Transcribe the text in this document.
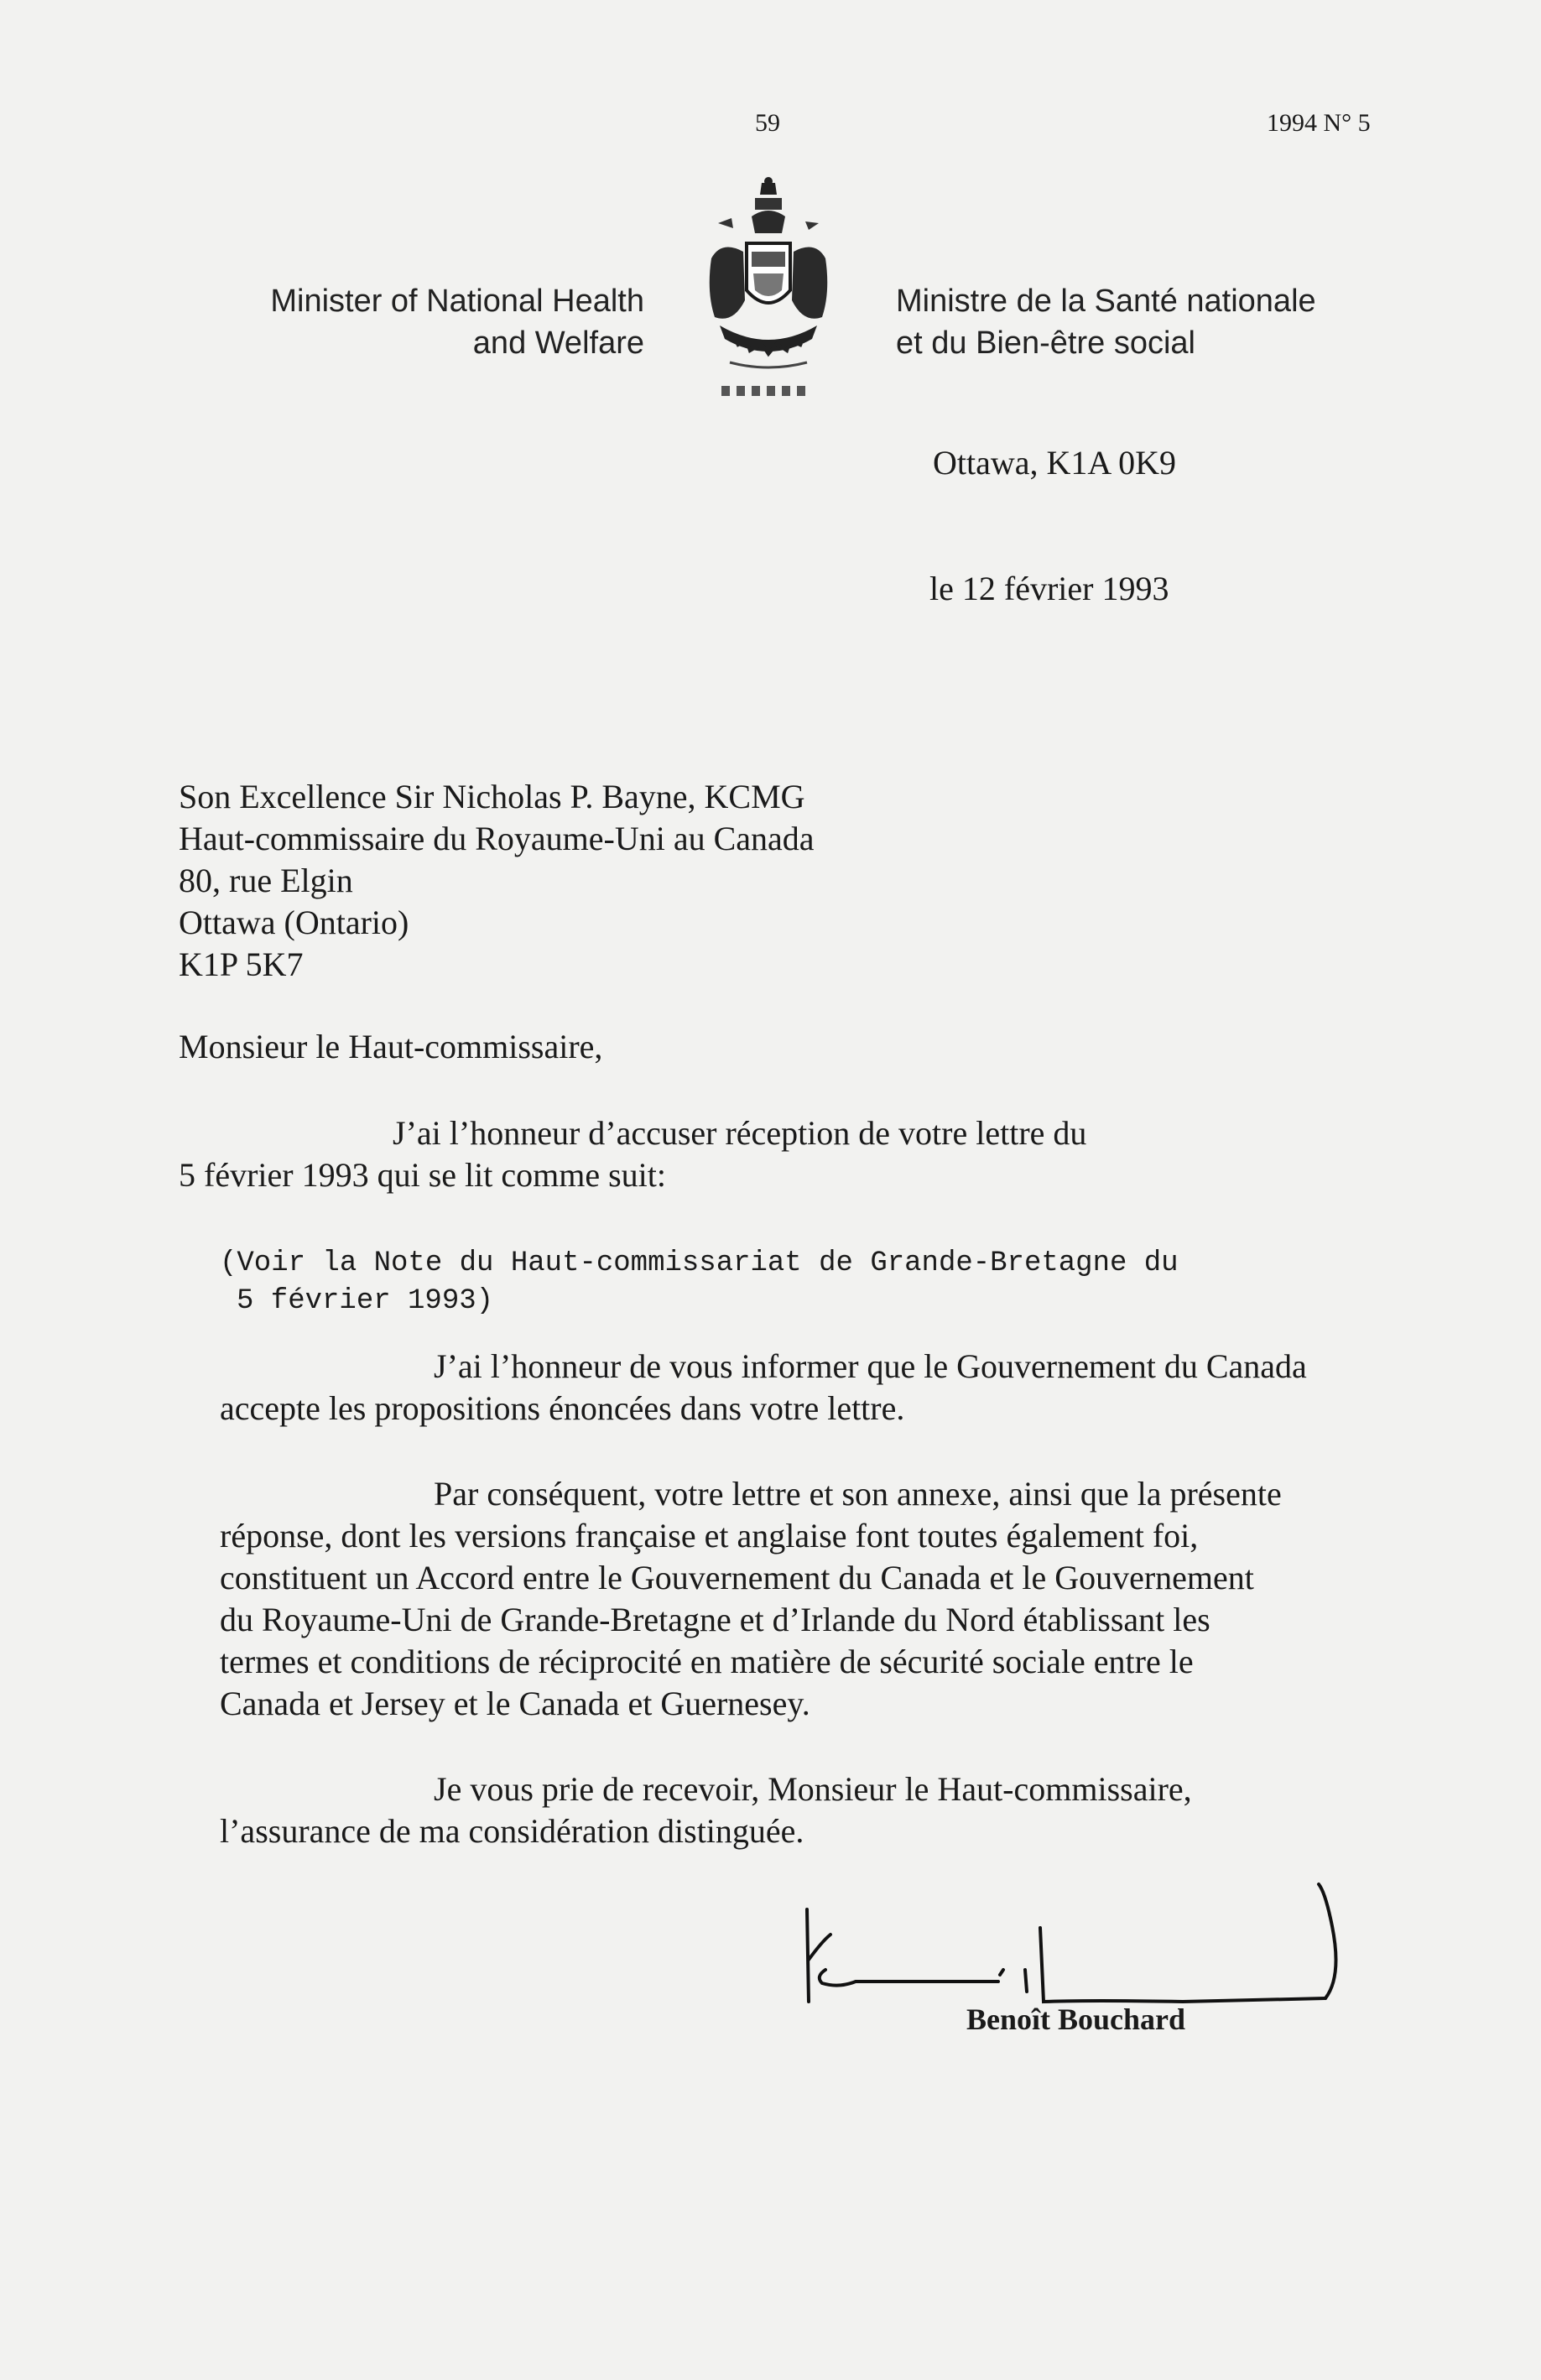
59	1994 N° 5
Minister of National Health
and Welfare
Ministre de la Santé nationale
et du Bien-être social
Ottawa, K1A 0K9
le 12 février 1993
Son Excellence Sir Nicholas P. Bayne, KCMG
Haut-commissaire du Royaume-Uni au Canada
80, rue Elgin
Ottawa (Ontario)
K1P 5K7
Monsieur le Haut-commissaire,
J’ai l’honneur d’accuser réception de votre lettre du
5 février 1993 qui se lit comme suit:
(Voir la Note du Haut-commissariat de Grande-Bretagne du
5 février 1993)
J’ai l’honneur de vous informer que le Gouvernement du Canada
accepte les propositions énoncées dans votre lettre.
Par conséquent, votre lettre et son annexe, ainsi que la présente
réponse, dont les versions française et anglaise font toutes également foi,
constituent un Accord entre le Gouvernement du Canada et le Gouvernement
du Royaume-Uni de Grande-Bretagne et d’Irlande du Nord établissant les
termes et conditions de réciprocité en matière de sécurité sociale entre le
Canada et Jersey et le Canada et Guernesey.
Je vous prie de recevoir, Monsieur le Haut-commissaire,
l’assurance de ma considération distinguée.
Benoît Bouchard
